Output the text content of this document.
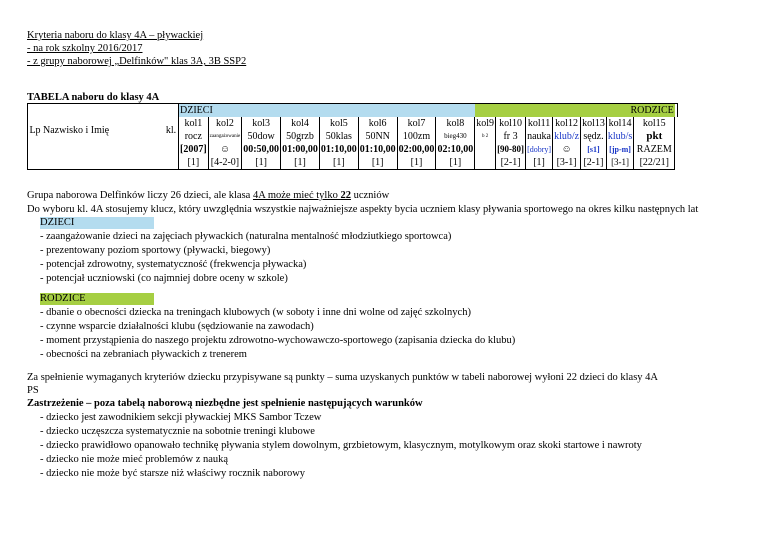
Kryteria naboru do klasy 4A – pływackiej
- na rok szkolny 2016/2017
- z grupy naborowej „Delfinków" klas 3A, 3B SSP2
TABELA naboru do klasy 4A
			DZIECI								RODZICE							
Lp	Nazwisko i Imię	kl.	kol1	kol2	kol3	kol4	kol5	kol6	kol7	kol8	kol9	kol10	kol11	kol12	kol13	kol14	kol15	
			rocz	zaangażowanie	50dow	50grzb	50klas	50NN	100zm	bieg430	b 2	fr 3	nauka	klub/z	sędz.	klub/s	pkt	
			[2007]	☺	00:50,00	01:00,00	01:10,00	01:10,00	02:00,00	02:10,00		[90-80]	[dobry]	☺	[s1]	[jp-m]	RAZEM	
			[1]	[4-2-0]	[1]	[1]	[1]	[1]	[1]	[1]		[2-1]	[1]	[3-1]	[2-1]	[3-1]	[22/21]	
Grupa naborowa Delfinków liczy 26 dzieci, ale klasa 4A może mieć tylko 22 uczniów
Do wyboru kl. 4A stosujemy klucz, który uwzględnia wszystkie najważniejsze aspekty bycia uczniem klasy pływania sportowego na okres kilku następnych lat
DZIECI
- zaangażowanie dzieci na zajęciach pływackich (naturalna mentalność młodziutkiego sportowca)
- prezentowany poziom sportowy (pływacki, biegowy)
- potencjał zdrowotny, systematyczność (frekwencja pływacka)
- potencjał uczniowski (co najmniej dobre oceny w szkole)
RODZICE
- dbanie o obecności dziecka na treningach klubowych (w soboty i inne dni wolne od zajęć szkolnych)
- czynne wsparcie działalności klubu (sędziowanie na zawodach)
- moment przystąpienia do naszego projektu zdrowotno-wychowawczo-sportowego (zapisania dziecka do klubu)
- obecności na zebraniach pływackich z trenerem
Za spełnienie wymaganych kryteriów dziecku przypisywane są punkty – suma uzyskanych punktów w tabeli naborowej wyłoni 22 dzieci do klasy 4A
PS
Zastrzeżenie – poza tabelą naborową niezbędne jest spełnienie następujących warunków
- dziecko jest zawodnikiem sekcji pływackiej MKS Sambor Tczew
- dziecko uczęszcza systematycznie na sobotnie treningi klubowe
- dziecko prawidłowo opanowało technikę pływania stylem dowolnym, grzbietowym, klasycznym, motylkowym oraz skoki startowe i nawroty
- dziecko nie może mieć problemów z nauką
- dziecko nie może być starsze niż właściwy rocznik naborowy
